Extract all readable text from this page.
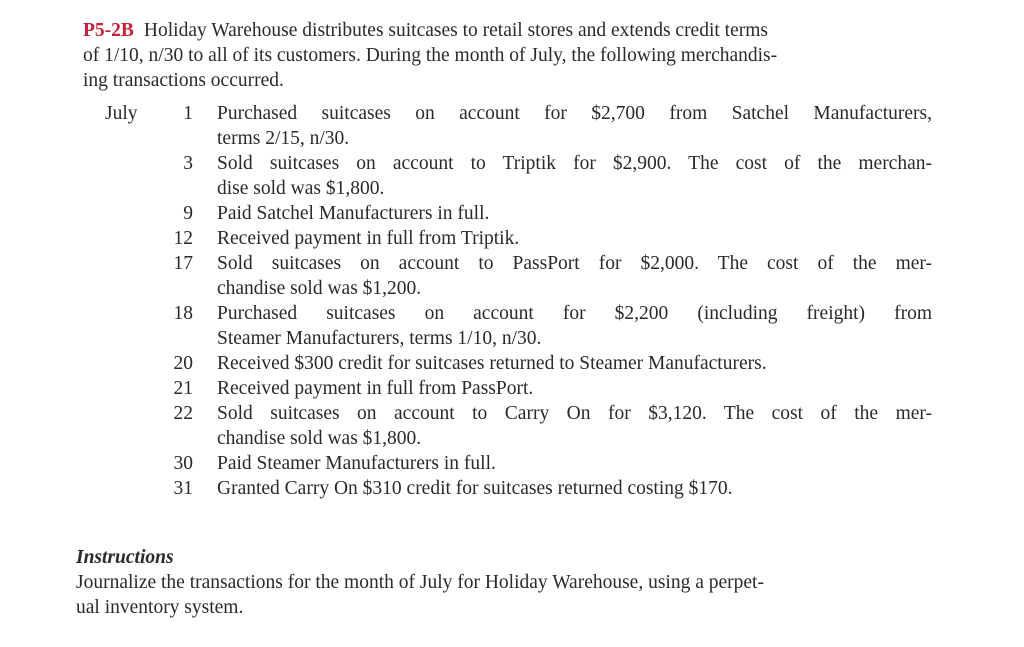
P5-2B Holiday Warehouse distributes suitcases to retail stores and extends credit terms
of 1/10, n/30 to all of its customers. During the month of July, the following merchandis-
ing transactions occurred.
July	1 Purchased suitcases on account for $2,700 from Satchel Manufacturers,
terms 2/15, n/30.
3 Sold suitcases on account to Triptik for $2,900. The cost of the merchan-
dise sold was $1,800.
9 Paid Satchel Manufacturers in full.
12 Received payment in full from Triptik.
17 Sold suitcases on account to PassPort for $2,000. The cost of the mer-
chandise sold was $1,200.
18 Purchased suitcases on account for $2,200 (including freight) from
Steamer Manufacturers, terms 1/10, n/30.
20 Received $300 credit for suitcases returned to Steamer Manufacturers.
21 Received payment in full from PassPort.
22 Sold suitcases on account to Carry On for $3,120. The cost of the mer-
chandise sold was $1,800.
30 Paid Steamer Manufacturers in full.
31 Granted Carry On $310 credit for suitcases returned costing $170.
Instructions
Journalize the transactions for the month of July for Holiday Warehouse, using a perpet-
ual inventory system.
